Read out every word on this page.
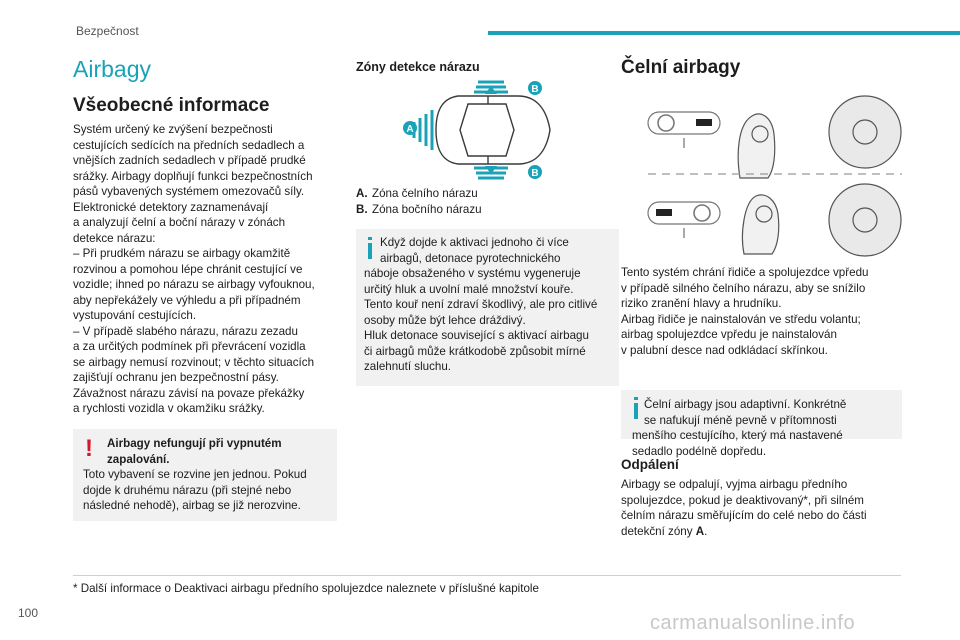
Bezpečnost
Airbagy
Všeobecné informace

Systém určený ke zvýšení bezpečnosti

cestujících sedících na předních sedadlech a

vnějších zadních sedadlech v případě prudké

srážky. Airbagy doplňují funkci bezpečnostních

pásů vybavených systémem omezovačů síly.

Elektronické detektory zaznamenávají

a analyzují čelní a boční nárazy v zónách

detekce nárazu:

– Při prudkém nárazu se airbagy okamžitě

rozvinou a pomohou lépe chránit cestující ve

vozidle; ihned po nárazu se airbagy vyfouknou,

aby nepřekážely ve výhledu a při případném

vystupování cestujících.

– V případě slabého nárazu, nárazu zezadu

a za určitých podmínek při převrácení vozidla

se airbagy nemusí rozvinout; v těchto situacích

zajišťují ochranu jen bezpečnostní pásy.

Závažnost nárazu závisí na povaze překážky

a rychlosti vozidla v okamžiku srážky.

! Airbagy nefungují při vypnutém
zapalování.
Toto vybavení se rozvine jen jednou. Pokud
dojde k druhému nárazu (při stejné nebo
následné nehodě), airbag se již nerozvine.
Zóny detekce nárazu
A
B
B
A. Zóna čelního nárazu
B. Zóna bočního nárazu
Když dojde k aktivaci jednoho či více
airbagů, detonace pyrotechnického
náboje obsaženého v systému vygeneruje
určitý hluk a uvolní malé množství kouře.
Tento kouř není zdraví škodlivý, ale pro citlivé
osoby může být lehce dráždivý.
Hluk detonace související s aktivací airbagu
či airbagů může krátkodobě způsobit mírné
zalehnutí sluchu.
Čelní airbagy
Tento systém chrání řidiče a spolujezdce vpředu
v případě silného čelního nárazu, aby se snížilo
riziko zranění hlavy a hrudníku.
Airbag řidiče je nainstalován ve středu volantu;
airbag spolujezdce vpředu je nainstalován
v palubní desce nad odkládací skřínkou.
Čelní airbagy jsou adaptivní. Konkrétně
se nafukují méně pevně v přítomnosti
menšího cestujícího, který má nastavené
sedadlo podélně dopředu.
Odpálení
Airbagy se odpalují, vyjma airbagu předního
spolujezdce, pokud je deaktivovaný*, při silném
čelním nárazu směřujícím do celé nebo do části
detekční zóny A.
* Další informace o Deaktivaci airbagu předního spolujezdce naleznete v příslušné kapitole
100	carmanualsonline.info
